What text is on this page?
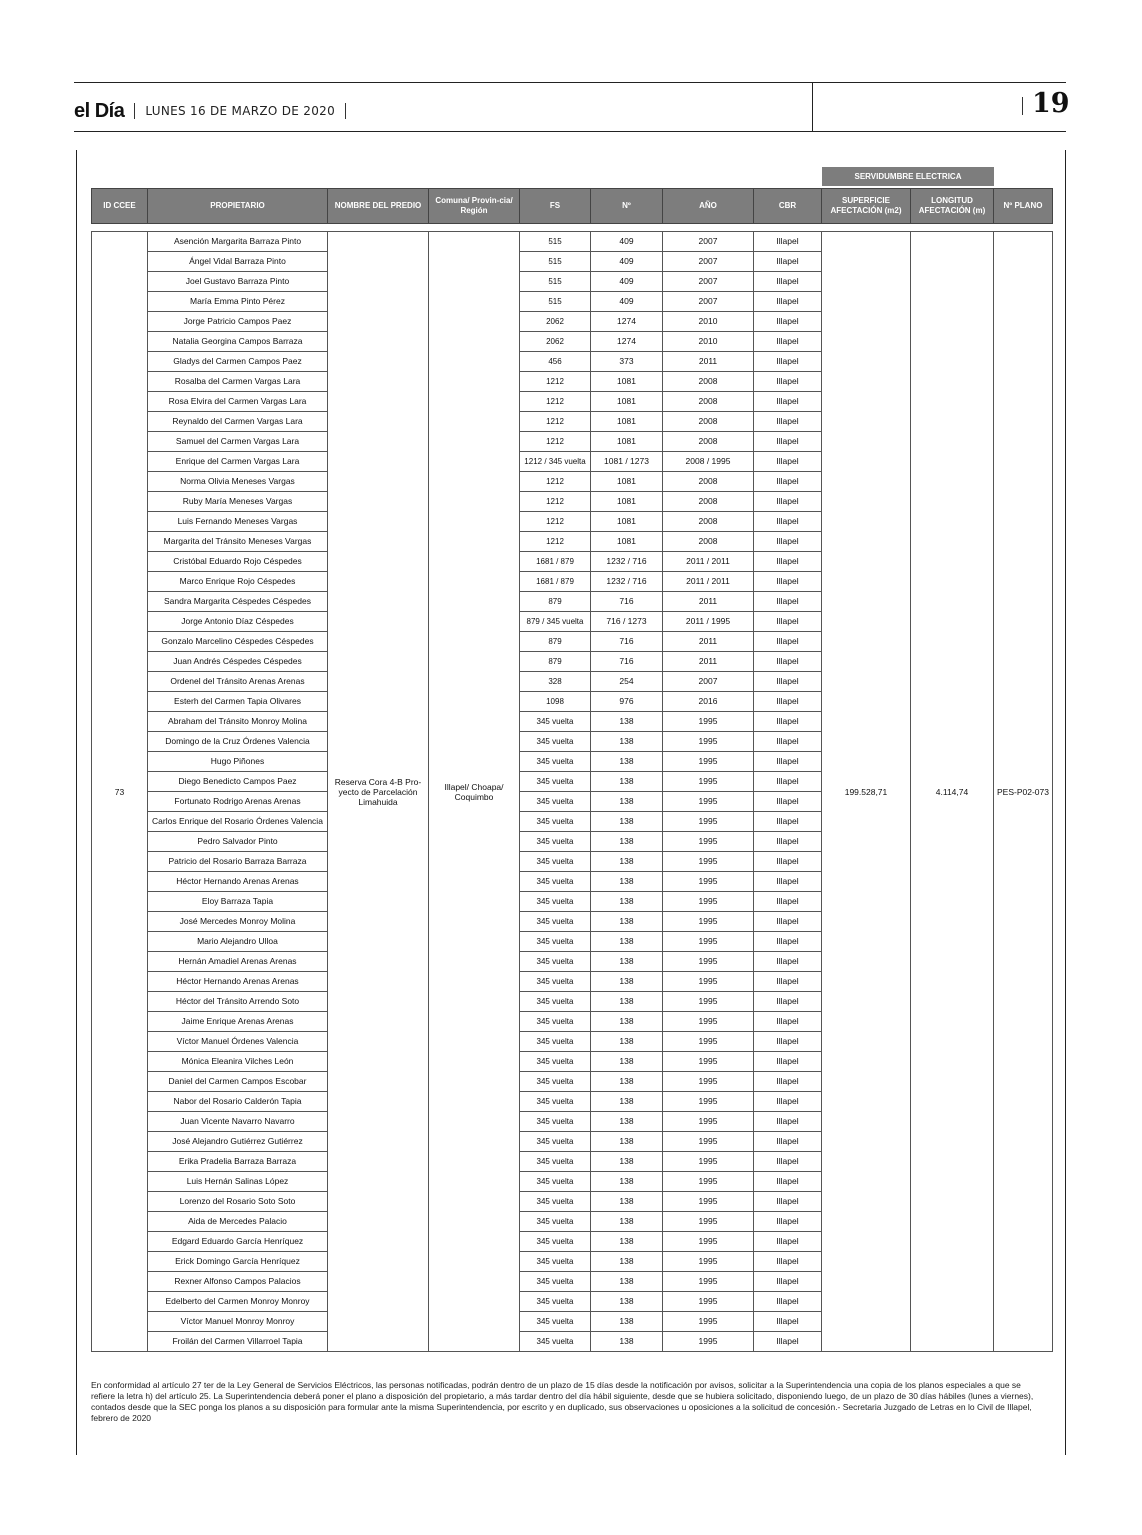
el Día LUNES 16 DE MARZO DE 2020	19
SERVIDUMBRE ELECTRICA
ID CCEE	PROPIETARIO	NOMBRE DEL PREDIO	Comuna/ Provin-cia/ Región	FS	Nº	AÑO	CBR	SUPERFICIE AFECTACIÓN (m2)	LONGITUD AFECTACIÓN (m)	Nº PLANO
73	Asención Margarita Barraza Pinto	Reserva Cora 4-B Pro-yecto de Parcelación Limahuida	Illapel/ Choapa/ Coquimbo	515	409	2007	Illapel	199.528,71	4.114,74	PES-P02-073
	Ángel Vidal Barraza Pinto			515	409	2007	Illapel			
	Joel Gustavo Barraza Pinto			515	409	2007	Illapel			
	María Emma Pinto Pérez			515	409	2007	Illapel			
	Jorge Patricio Campos Paez			2062	1274	2010	Illapel			
	Natalia Georgina Campos Barraza			2062	1274	2010	Illapel			
	Gladys del Carmen Campos Paez			456	373	2011	Illapel			
	Rosalba del Carmen Vargas Lara			1212	1081	2008	Illapel			
	Rosa Elvira del Carmen Vargas Lara			1212	1081	2008	Illapel			
	Reynaldo del Carmen Vargas Lara			1212	1081	2008	Illapel			
	Samuel del Carmen Vargas Lara			1212	1081	2008	Illapel			
	Enrique del Carmen Vargas Lara			1212 / 345 vuelta	1081 / 1273	2008 / 1995	Illapel			
	Norma Olivia Meneses Vargas			1212	1081	2008	Illapel			
	Ruby María Meneses Vargas			1212	1081	2008	Illapel			
	Luis Fernando Meneses Vargas			1212	1081	2008	Illapel			
	Margarita del Tránsito Meneses Vargas			1212	1081	2008	Illapel			
	Cristóbal Eduardo Rojo Céspedes			1681 / 879	1232 / 716	2011 / 2011	Illapel			
	Marco Enrique Rojo Céspedes			1681 / 879	1232 / 716	2011 / 2011	Illapel			
	Sandra Margarita Céspedes Céspedes			879	716	2011	Illapel			
	Jorge Antonio Díaz Céspedes			879 / 345 vuelta	716 / 1273	2011 / 1995	Illapel			
	Gonzalo Marcelino Céspedes Céspedes			879	716	2011	Illapel			
	Juan Andrés Céspedes Céspedes			879	716	2011	Illapel			
	Ordenel del Tránsito Arenas Arenas			328	254	2007	Illapel			
	Esterh del Carmen Tapia Olivares			1098	976	2016	Illapel			
	Abraham del Tránsito Monroy Molina			345 vuelta	138	1995	Illapel			
	Domingo de la Cruz Órdenes Valencia			345 vuelta	138	1995	Illapel			
	Hugo Piñones			345 vuelta	138	1995	Illapel			
	Diego Benedicto Campos Paez			345 vuelta	138	1995	Illapel			
	Fortunato Rodrigo Arenas Arenas			345 vuelta	138	1995	Illapel			
	Carlos Enrique del Rosario Órdenes Valencia			345 vuelta	138	1995	Illapel			
	Pedro Salvador Pinto			345 vuelta	138	1995	Illapel			
	Patricio del Rosario Barraza Barraza			345 vuelta	138	1995	Illapel			
	Héctor Hernando Arenas Arenas			345 vuelta	138	1995	Illapel			
	Eloy Barraza Tapia			345 vuelta	138	1995	Illapel			
	José Mercedes Monroy Molina			345 vuelta	138	1995	Illapel			
	Mario Alejandro Ulloa			345 vuelta	138	1995	Illapel			
	Hernán Amadiel Arenas Arenas			345 vuelta	138	1995	Illapel			
	Héctor Hernando Arenas Arenas			345 vuelta	138	1995	Illapel			
	Héctor del Tránsito Arrendo Soto			345 vuelta	138	1995	Illapel			
	Jaime Enrique Arenas Arenas			345 vuelta	138	1995	Illapel			
	Víctor Manuel Órdenes Valencia			345 vuelta	138	1995	Illapel			
	Mónica Eleanira Vilches León			345 vuelta	138	1995	Illapel			
	Daniel del Carmen Campos Escobar			345 vuelta	138	1995	Illapel			
	Nabor del Rosario Calderón Tapia			345 vuelta	138	1995	Illapel			
	Juan Vicente Navarro Navarro			345 vuelta	138	1995	Illapel			
	José Alejandro Gutiérrez Gutiérrez			345 vuelta	138	1995	Illapel			
	Erika Pradelia Barraza Barraza			345 vuelta	138	1995	Illapel			
	Luis Hernán Salinas López			345 vuelta	138	1995	Illapel			
	Lorenzo del Rosario Soto Soto			345 vuelta	138	1995	Illapel			
	Aida de Mercedes Palacio			345 vuelta	138	1995	Illapel			
	Edgard Eduardo García Henríquez			345 vuelta	138	1995	Illapel			
	Erick Domingo García Henríquez			345 vuelta	138	1995	Illapel			
	Rexner Alfonso Campos Palacios			345 vuelta	138	1995	Illapel			
	Edelberto del Carmen Monroy Monroy			345 vuelta	138	1995	Illapel			
	Víctor Manuel Monroy Monroy			345 vuelta	138	1995	Illapel			
	Froilán del Carmen Villarroel Tapia			345 vuelta	138	1995	Illapel			
En conformidad al artículo 27 ter de la Ley General de Servicios Eléctricos, las personas notificadas, podrán dentro de un plazo de 15 días desde la notificación por avisos, solicitar a la Superintendencia una copia de los planos especiales a que se refiere la letra h) del artículo 25. La Superintendencia deberá poner el plano a disposición del propietario, a más tardar dentro del día hábil siguiente, desde que se hubiera solicitado, disponiendo luego, de un plazo de 30 días hábiles (lunes a viernes), contados desde que la SEC ponga los planos a su disposición para formular ante la misma Superintendencia, por escrito y en duplicado, sus observaciones u oposiciones a la solicitud de concesión.- Secretaria Juzgado de Letras en lo Civil de Illapel, febrero de 2020
